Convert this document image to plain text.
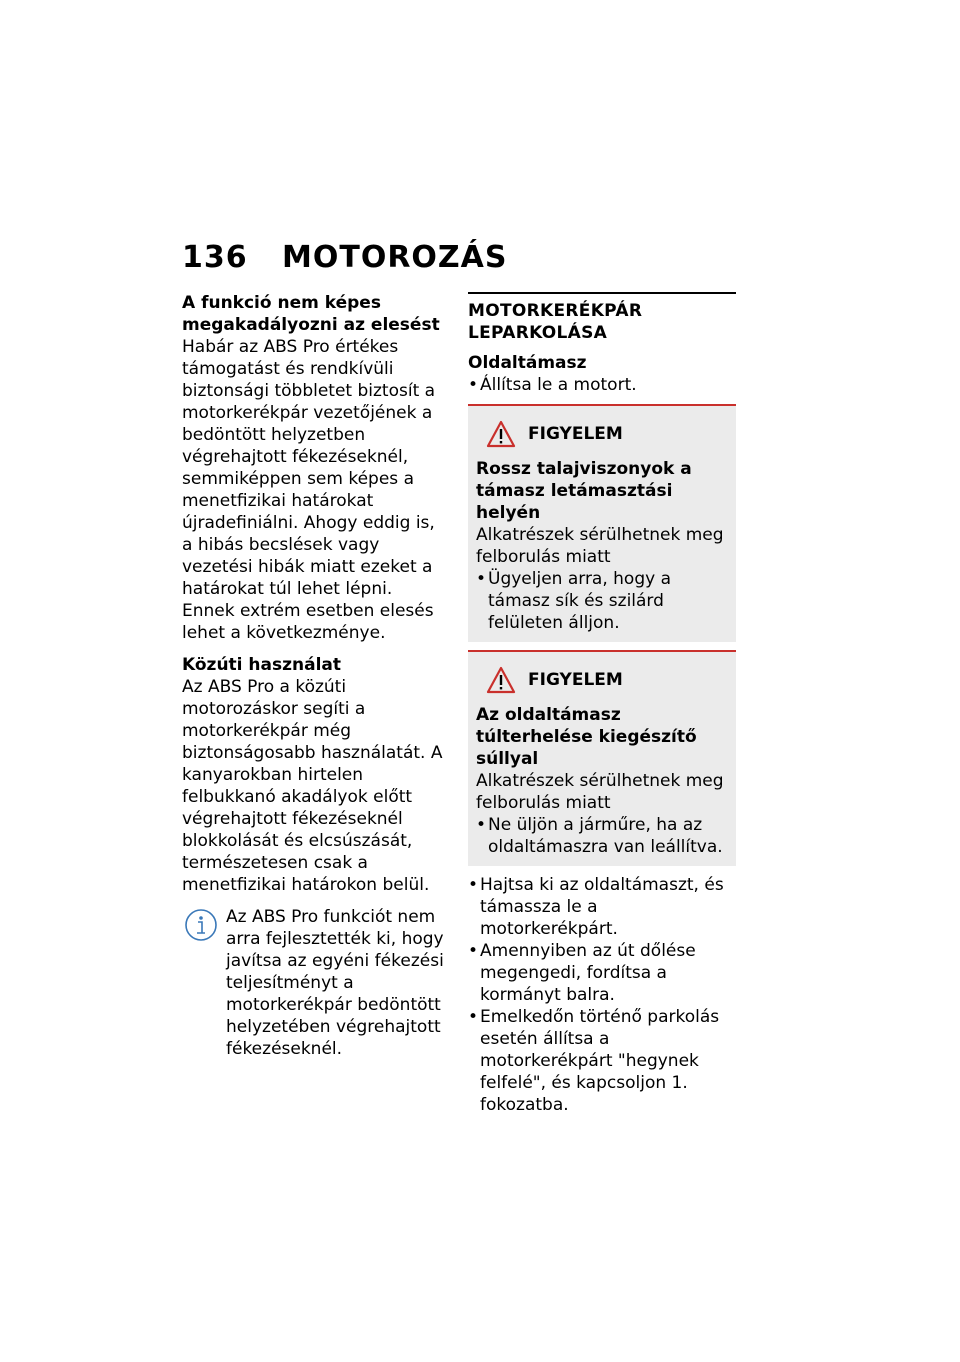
136	MOTOROZÁS
A funkció nem képes megakadályozni az elesést
Habár az ABS Pro értékes támogatást és rendkívüli biztonsági többletet biztosít a motorkerékpár vezetőjének a bedöntött helyzetben végrehajtott fékezéseknél, semmiképpen sem képes a menetfizikai határokat újradefiniálni. Ahogy eddig is, a hibás becslések vagy vezetési hibák miatt ezeket a határokat túl lehet lépni. Ennek extrém esetben elesés lehet a következménye.
Közúti használat
Az ABS Pro a közúti motorozáskor segíti a motorkerékpár még biztonságosabb használatát. A kanyarokban hirtelen felbukkanó akadályok előtt végrehajtott fékezéseknél blokkolását és elcsúszását, természetesen csak a menetfizikai határokon belül.
Az ABS Pro funkciót nem arra fejlesztették ki, hogy javítsa az egyéni fékezési teljesítményt a motorkerékpár bedöntött helyzetében végrehajtott fékezéseknél.
MOTORKERÉKPÁR LEPARKOLÁSA
Oldaltámasz
• Állítsa le a motort.
FIGYELEM
Rossz talajviszonyok a támasz letámasztási helyén
Alkatrészek sérülhetnek meg felborulás miatt
• Ügyeljen arra, hogy a támasz sík és szilárd felületen álljon.
FIGYELEM
Az oldaltámasz túlterhelése kiegészítő súllyal
Alkatrészek sérülhetnek meg felborulás miatt
• Ne üljön a járműre, ha az oldaltámaszra van leállítva.
• Hajtsa ki az oldaltámaszt, és támassza le a motorkerékpárt.
• Amennyiben az út dőlése megengedi, fordítsa a kormányt balra.
• Emelkedőn történő parkolás esetén állítsa a motorkerékpárt "hegynek felfelé", és kapcsoljon 1. fokozatba.
